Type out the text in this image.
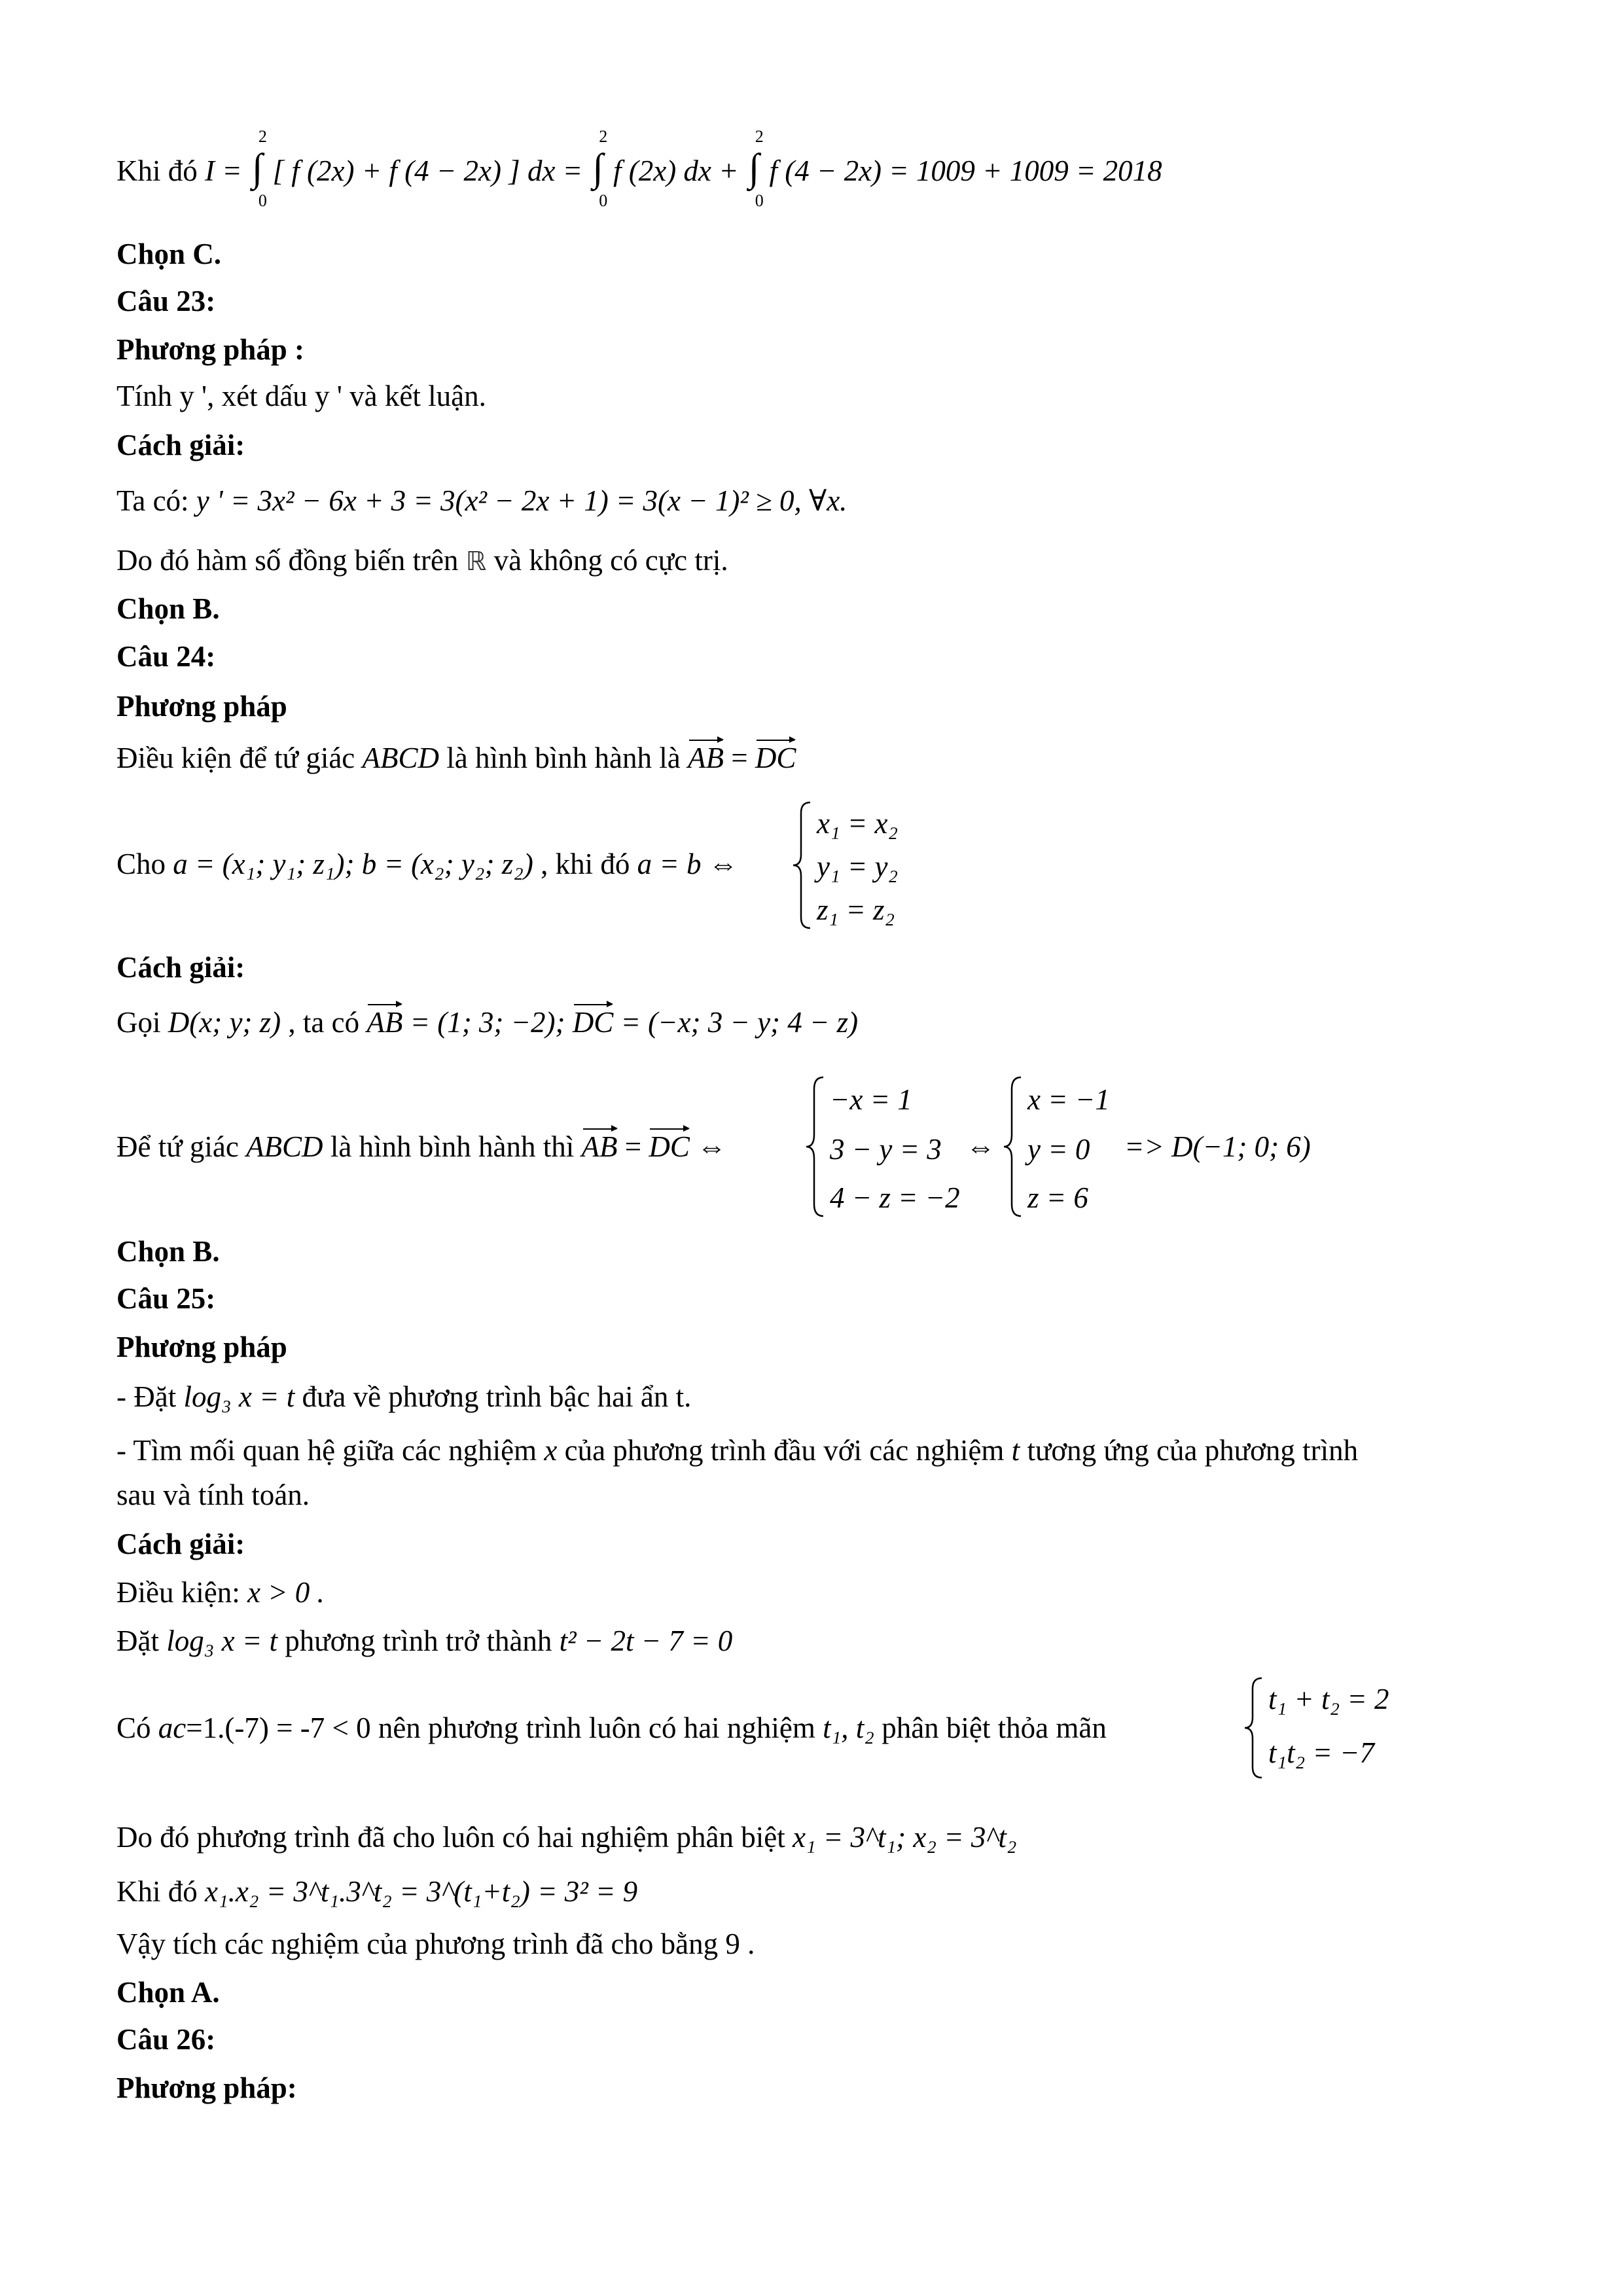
Khi đó I = ∫
2
0
[ f (2x) + f (4 − 2x) ] dx = ∫
2
0
f (2x) dx + ∫
2
0
f (4 − 2x) = 1009 + 1009 = 2018
Chọn C.
Câu 23:
Phương pháp :
Tính y ', xét dấu y ' và kết luận.
Cách giải:
Ta có: y ' = 3x² − 6x + 3 = 3(x² − 2x + 1) = 3(x − 1)² ≥ 0, ∀x.
Do đó hàm số đồng biến trên ℝ và không có cực trị.
Chọn B.
Câu 24:
Phương pháp
Điều kiện để tứ giác ABCD là hình bình hành là AB = DC
Cho a = (x₁; y₁; z₁); b = (x₂; y₂; z₂) , khi đó a = b ⇔
x₁ = x₂
y₁ = y₂
z₁ = z₂
Cách giải:
Gọi D(x; y; z) , ta có AB = (1; 3; −2); DC = (−x; 3 − y; 4 − z)
Để tứ giác ABCD là hình bình hành thì AB = DC ⇔
−x = 1
3 − y = 3
4 − z = −2
⇔
x = −1
y = 0
z = 6
=> D(−1; 0; 6)
Chọn B.
Câu 25:
Phương pháp
- Đặt log₃ x = t đưa về phương trình bậc hai ẩn t.
- Tìm mối quan hệ giữa các nghiệm x của phương trình đầu với các nghiệm t tương ứng của phương trình
sau và tính toán.
Cách giải:
Điều kiện: x > 0 .
Đặt log₃ x = t phương trình trở thành t² − 2t − 7 = 0
Có ac=1.(-7) = -7 < 0 nên phương trình luôn có hai nghiệm t₁, t₂ phân biệt thỏa mãn
t₁ + t₂ = 2
t₁t₂ = −7
Do đó phương trình đã cho luôn có hai nghiệm phân biệt x₁ = 3^t₁; x₂ = 3^t₂
Khi đó x₁.x₂ = 3^t₁.3^t₂ = 3^(t₁+t₂) = 3² = 9
Vậy tích các nghiệm của phương trình đã cho bằng 9 .
Chọn A.
Câu 26:
Phương pháp:
